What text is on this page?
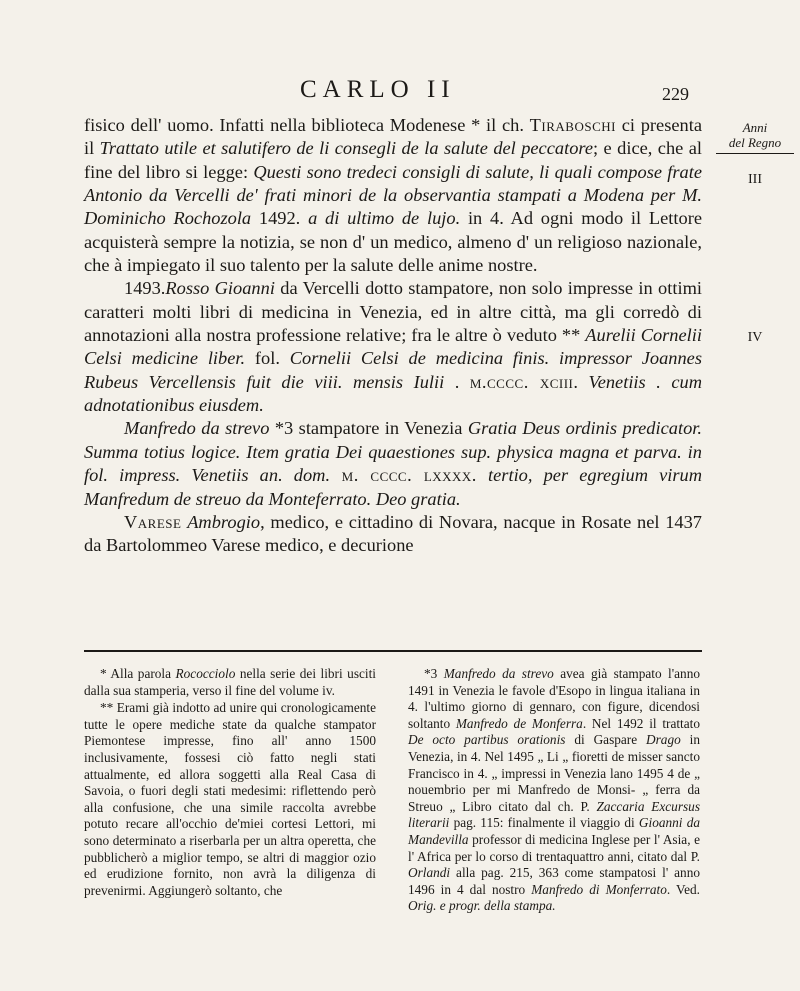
CARLO II	229
Anni
del Regno
III
IV

fisico dell' uomo. Infatti nella biblioteca Modenese * il ch. Tiraboschi ci presenta il Trattato utile et salutifero de li consegli de la salute del peccatore; e dice, che al fine del libro si legge: Questi sono tredeci consigli di salute, li quali compose frate Antonio da Vercelli de' frati minori de la observantia stampati a Modena per M. Dominicho Rochozola 1492. a di ultimo de lujo. in 4. Ad ogni modo il Lettore acquisterà sempre la notizia, se non d' un medico, almeno d' un religioso nazionale, che à impiegato il suo talento per la salute delle anime nostre.

1493.Rosso Gioanni da Vercelli dotto stampatore, non solo impresse in ottimi caratteri molti libri di medicina in Venezia, ed in altre città, ma gli corredò di annotazioni alla nostra professione relative; fra le altre ò veduto ** Aurelii Cornelii Celsi medicine liber. fol. Cornelii Celsi de medicina finis. impressor Joannes Rubeus Vercellensis fuit die viii. mensis Iulii . m.cccc. xciii. Venetiis . cum adnotationibus eiusdem.

Manfredo da strevo *3 stampatore in Venezia Gratia Deus ordinis predicator. Summa totius logice. Item gratia Dei quaestiones sup. physica magna et parva. in fol. impress. Venetiis an. dom. m. cccc. lxxxx. tertio, per egregium virum Manfredum de streuo da Monteferrato. Deo gratia.

Varese Ambrogio, medico, e cittadino di Novara, nacque in Rosate nel 1437 da Bartolommeo Varese medico, e decurione

* Alla parola Rococciolo nella serie dei libri usciti dalla sua stamperia, verso il fine del volume iv.

** Erami già indotto ad unire qui cronologicamente tutte le opere mediche state da qualche stampator Piemontese impresse, fino all' anno 1500 inclusivamente, fossesi ciò fatto negli stati attualmente, ed allora soggetti alla Real Casa di Savoia, o fuori degli stati medesimi: riflettendo però alla confusione, che una simile raccolta avrebbe potuto recare all'occhio de'miei cortesi Lettori, mi sono determinato a riserbarla per un altra operetta, che pubblicherò a miglior tempo, se altri di maggior ozio ed erudizione fornito, non avrà la diligenza di prevenirmi. Aggiungerò soltanto, che

*3 Manfredo da strevo avea già stampato l'anno 1491 in Venezia le favole d'Esopo in lingua italiana in 4. l'ultimo giorno di gennaro, con figure, dicendosi soltanto Manfredo de Monferra. Nel 1492 il trattato De octo partibus orationis di Gaspare Drago in Venezia, in 4. Nel 1495 „ Li „ fioretti de misser sancto Francisco in 4. „ impressi in Venezia lano 1495 4 de „ nouembrio per mi Manfredo de Monsi- „ ferra da Streuo „ Libro citato dal ch. P. Zaccaria Excursus literarii pag. 115: finalmente il viaggio di Gioanni da Mandevilla professor di medicina Inglese per l' Asia, e l' Africa per lo corso di trentaquattro anni, citato dal P. Orlandi alla pag. 215, 363 come stampatosi l' anno 1496 in 4 dal nostro Manfredo di Monferrato. Ved. Orig. e progr. della stampa.
